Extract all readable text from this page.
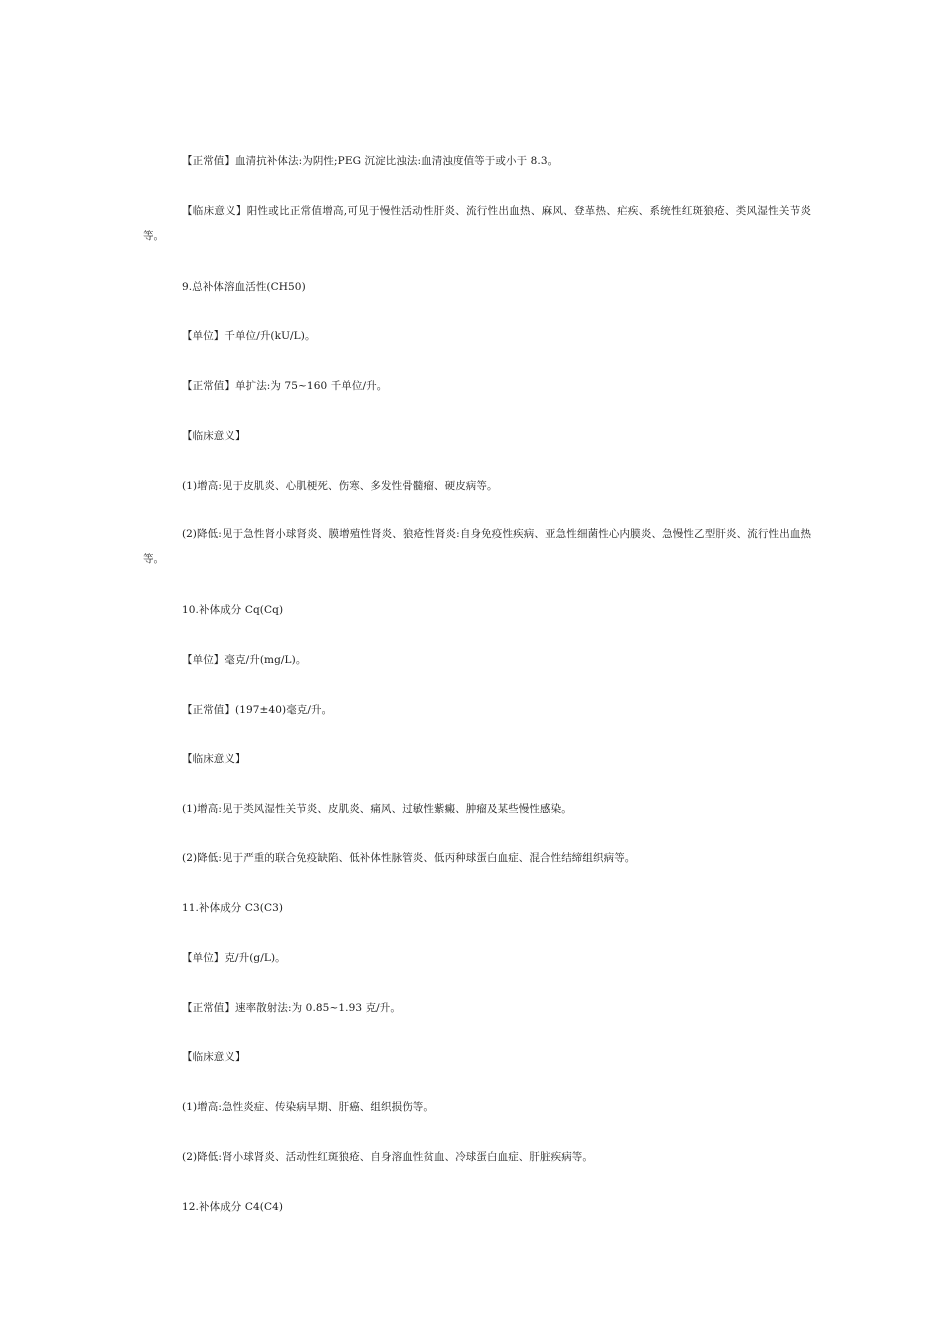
【正常值】血清抗补体法:为阴性;PEG 沉淀比浊法:血清浊度值等于或小于 8.3。
【临床意义】阳性或比正常值增高,可见于慢性活动性肝炎、流行性出血热、麻风、登革热、疟疾、系统性红斑狼疮、类风湿性关节炎等。
9.总补体溶血活性(CH50)
【单位】千单位/升(kU/L)。
【正常值】单扩法:为 75~160 千单位/升。
【临床意义】
(1)增高:见于皮肌炎、心肌梗死、伤寒、多发性骨髓瘤、硬皮病等。
(2)降低:见于急性肾小球肾炎、膜增殖性肾炎、狼疮性肾炎:自身免疫性疾病、亚急性细菌性心内膜炎、急慢性乙型肝炎、流行性出血热等。
10.补体成分 Cq(Cq)
【单位】毫克/升(mg/L)。
【正常值】(197±40)毫克/升。
【临床意义】
(1)增高:见于类风湿性关节炎、皮肌炎、痛风、过敏性紫癜、肿瘤及某些慢性感染。
(2)降低:见于严重的联合免疫缺陷、低补体性脉管炎、低丙种球蛋白血症、混合性结缔组织病等。
11.补体成分 C3(C3)
【单位】克/升(g/L)。
【正常值】速率散射法:为 0.85~1.93 克/升。
【临床意义】
(1)增高:急性炎症、传染病早期、肝癌、组织损伤等。
(2)降低:肾小球肾炎、活动性红斑狼疮、自身溶血性贫血、冷球蛋白血症、肝脏疾病等。
12.补体成分 C4(C4)
